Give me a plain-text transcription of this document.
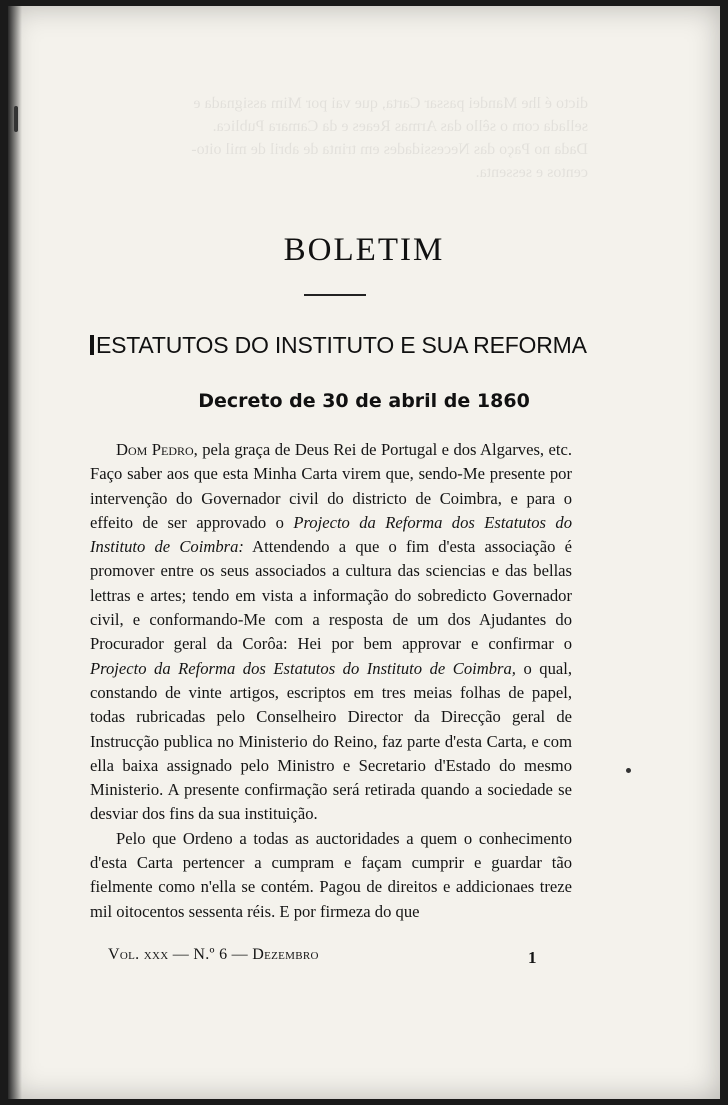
dicto é lhe Mandei passar Carta, que vai por Mim assignada e
sellada com o sêllo das Armas Reaes e da Camara Publica.
Dada no Paço das Necessidades em trinta de abril de mil oito-
centos e sessenta.
BOLETIM
ESTATUTOS DO INSTITUTO E SUA REFORMA
Decreto de 30 de abril de 1860

Dom Pedro, pela graça de Deus Rei de Portugal e dos Algarves, etc. Faço saber aos que esta Minha Carta virem que, sendo-Me presente por intervenção do Governador civil do districto de Coimbra, e para o effeito de ser approvado o Projecto da Reforma dos Estatutos do Instituto de Coimbra: Attendendo a que o fim d'esta associação é promover entre os seus associados a cultura das sciencias e das bellas lettras e artes; tendo em vista a informação do sobredicto Governador civil, e conformando-Me com a resposta de um dos Ajudantes do Procurador geral da Corôa: Hei por bem approvar e confirmar o Projecto da Reforma dos Estatutos do Instituto de Coimbra, o qual, constando de vinte artigos, escriptos em tres meias folhas de papel, todas rubricadas pelo Conselheiro Director da Direcção geral de Instrucção publica no Ministerio do Reino, faz parte d'esta Carta, e com ella baixa assignado pelo Ministro e Secretario d'Estado do mesmo Ministerio. A presente confirmação será retirada quando a sociedade se desviar dos fins da sua instituição.

Pelo que Ordeno a todas as auctoridades a quem o conhecimento d'esta Carta pertencer a cumpram e façam cumprir e guardar tão fielmente como n'ella se contém. Pagou de direitos e addicionaes treze mil oitocentos sessenta réis. E por firmeza do que

Vol. xxx — N.º 6 — Dezembro	1
